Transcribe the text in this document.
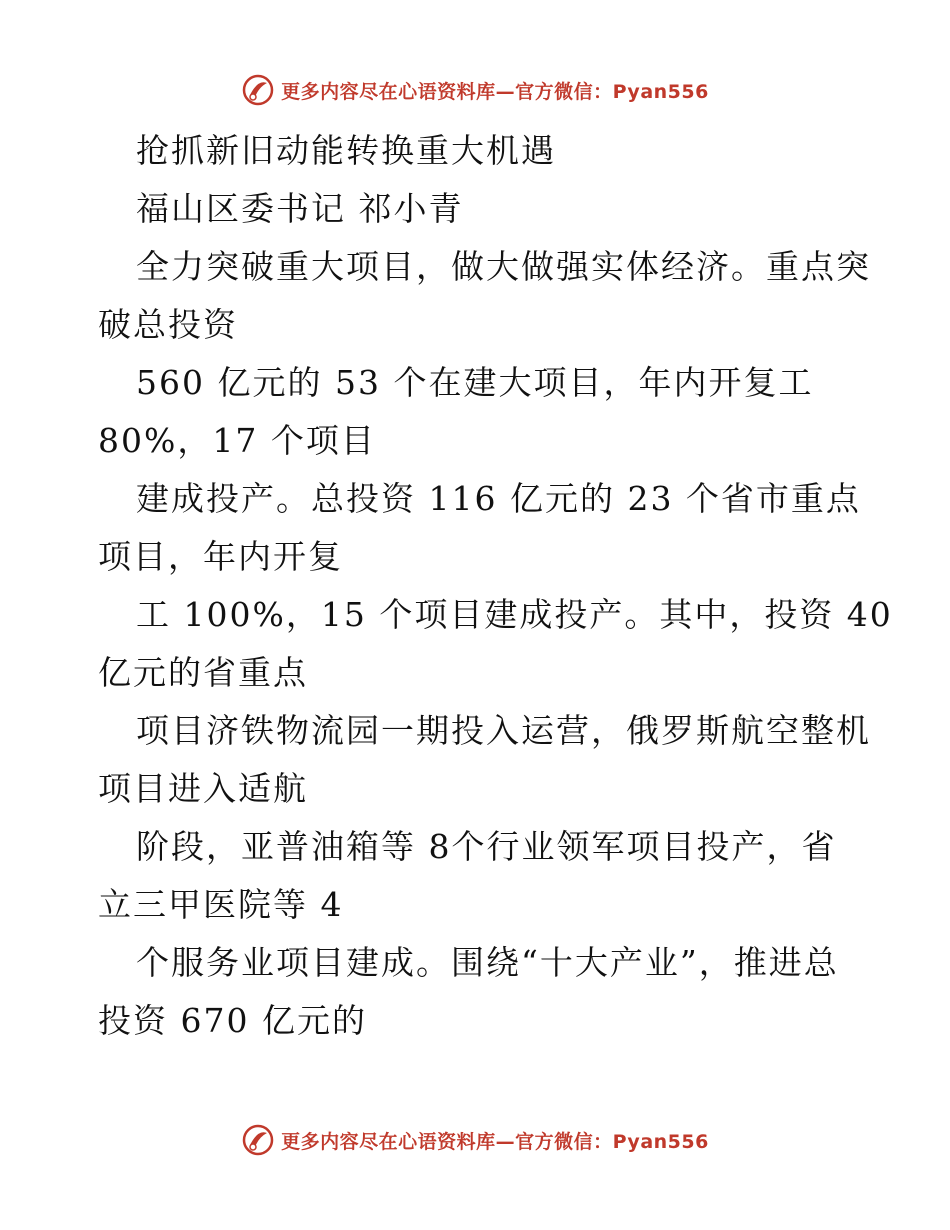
更多内容尽在心语资料库—官方微信：Pyan556
抢抓新旧动能转换重大机遇
福山区委书记 祁小青
全力突破重大项目，做大做强实体经济。重点突
破总投资
560 亿元的 53 个在建大项目，年内开复工
80%，17 个项目
建成投产。总投资 116 亿元的 23 个省市重点
项目，年内开复
工 100%，15 个项目建成投产。其中，投资 40
亿元的省重点
项目济铁物流园一期投入运营，俄罗斯航空整机
项目进入适航
阶段，亚普油箱等 8个行业领军项目投产，省
立三甲医院等 4
个服务业项目建成。围绕“十大产业”，推进总
投资 670 亿元的
更多内容尽在心语资料库—官方微信：Pyan556
